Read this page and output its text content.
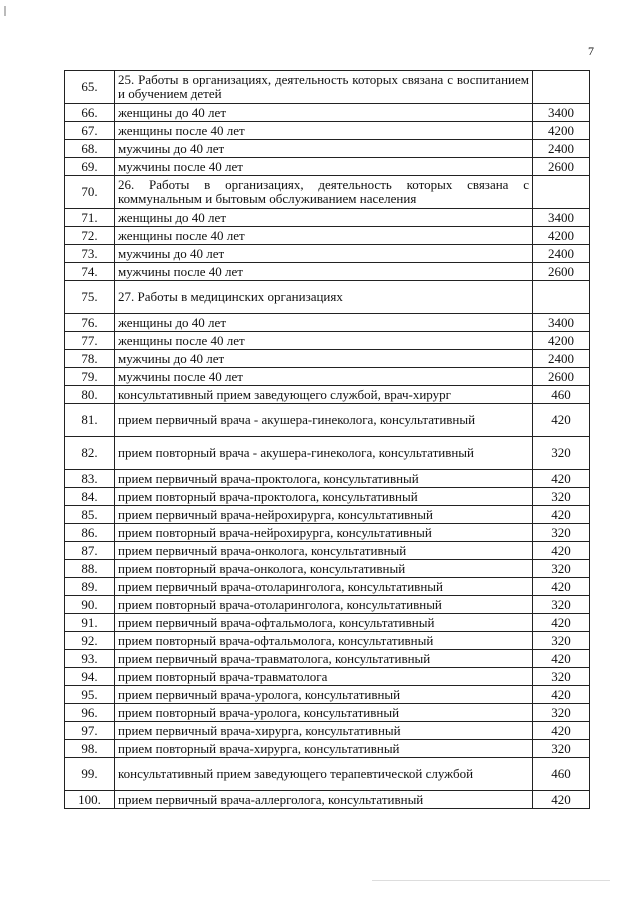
7
65.	25. Работы в организациях, деятельность которых связана с воспитанием и обучением детей	
66.	женщины до 40 лет	3400
67.	женщины после 40 лет	4200
68.	мужчины до 40 лет	2400
69.	мужчины после 40 лет	2600
70.	26. Работы в организациях, деятельность которых связана с коммунальным и бытовым обслуживанием населения	
71.	женщины до 40 лет	3400
72.	женщины после 40 лет	4200
73.	мужчины до 40 лет	2400
74.	мужчины после 40 лет	2600
75.	27. Работы в медицинских организациях	
76.	женщины до 40 лет	3400
77.	женщины после 40 лет	4200
78.	мужчины до 40 лет	2400
79.	мужчины после 40 лет	2600
80.	консультативный прием заведующего службой, врач-хирург	460
81.	прием первичный врача - акушера-гинеколога, консультативный	420
82.	прием повторный врача - акушера-гинеколога, консультативный	320
83.	прием первичный врача-проктолога, консультативный	420
84.	прием повторный врача-проктолога, консультативный	320
85.	прием первичный врача-нейрохирурга, консультативный	420
86.	прием повторный врача-нейрохирурга, консультативный	320
87.	прием первичный врача-онколога, консультативный	420
88.	прием повторный врача-онколога, консультативный	320
89.	прием первичный врача-отоларинголога, консультативный	420
90.	прием повторный врача-отоларинголога, консультативный	320
91.	прием первичный врача-офтальмолога, консультативный	420
92.	прием повторный врача-офтальмолога, консультативный	320
93.	прием первичный врача-травматолога, консультативный	420
94.	прием повторный врача-травматолога	320
95.	прием первичный врача-уролога, консультативный	420
96.	прием повторный врача-уролога, консультативный	320
97.	прием первичный врача-хирурга, консультативный	420
98.	прием повторный врача-хирурга, консультативный	320
99.	консультативный прием заведующего терапевтической службой	460
100.	прием первичный врача-аллерголога, консультативный	420
